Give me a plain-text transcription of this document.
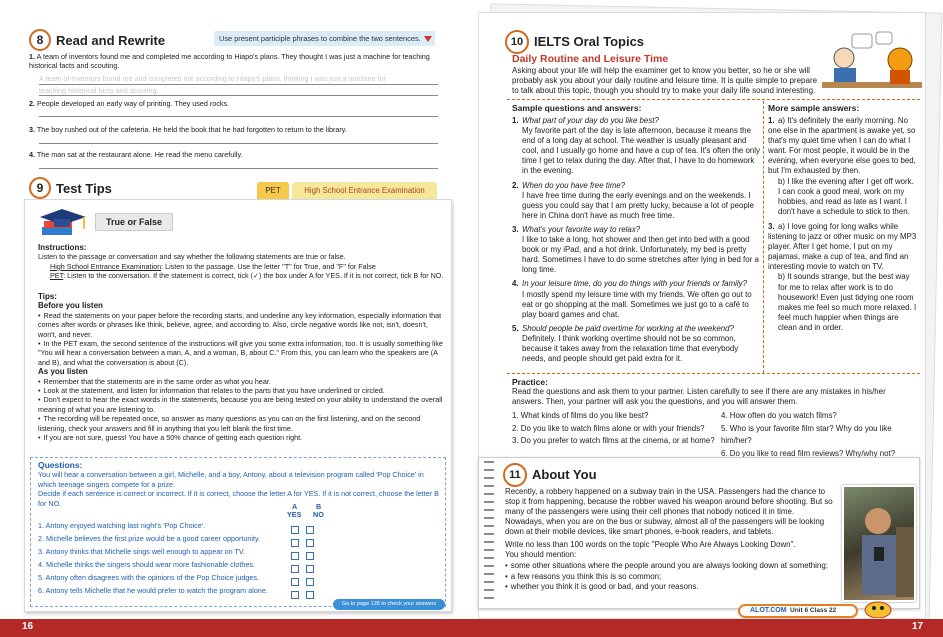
8 Read and Rewrite	Use present participle phrases to combine the two sentences.
1. A team of inventors found me and completed me according to Hiapo's plans. They thought I was just a machine for teaching historical facts and scouting.
A team of inventors found me and completed me according to Hiapo's plans, thinking I was just a machine for
teaching historical facts and scouting.
2. People developed an early way of printing. They used rocks.
3. The boy rushed out of the cafeteria. He held the book that he had forgotten to return to the library.
4. The man sat at the restaurant alone. He read the menu carefully.
9 Test Tips	PET	High School Entrance Examination
True or False
Instructions:
Listen to the passage or conversation and say whether the following statements are true or false.
High School Entrance Examination: Listen to the passage. Use the letter "T" for True, and "F" for False
PET: Listen to the conversation. If the statement is correct, tick (✓) the box under A for YES. If it is not correct, tick B for NO.
Tips:
Before you listen
• Read the statements on your paper before the recording starts, and underline any key information, especially information that comes after words or phrases like think, believe, agree, and according to. Also, circle negative words like not, isn't, doesn't, won't, and never.
• In the PET exam, the second sentence of the instructions will give you some extra information, too. It is usually something like "You will hear a conversation between a man, A, and a woman, B, about C." From this, you can learn who the speakers are (A and B), and what the conversation is about (C).
As you listen
• Remember that the statements are in the same order as what you hear.
• Look at the statement, and listen for information that relates to the parts that you have underlined or circled.
• Don't expect to hear the exact words in the statements, because you are being tested on your ability to understand the overall meaning of what you are listening to.
• The recording will be repeated once, so answer as many questions as you can on the first listening, and on the second listening, check your answers and fill in anything that you left blank the first time.
• If you are not sure, guess! You have a 50% chance of getting each question right.
Questions:
You will hear a conversation between a girl, Michelle, and a boy, Antony, about a television program called 'Pop Choice' in which teenage singers compete for a prize.
Decide if each sentence is correct or incorrect. If it is correct, choose the letter A for YES. If it is not correct, choose the letter B for NO.	A	B
YES NO
1. Antony enjoyed watching last night's 'Pop Choice'.
2. Michelle believes the first prize would be a good career opportunity.
3. Antony thinks that Michelle sings well enough to appear on TV.
4. Michelle thinks the singers should wear more fashionable clothes.
5. Antony often disagrees with the opinions of the Pop Choice judges.
6. Antony tells Michelle that he would prefer to watch the program alone.
Go to page 126 to check your answers
10 IELTS Oral Topics
Daily Routine and Leisure Time
Asking about your life will help the examiner get to know you better, so he or she will probably ask you about your daily routine and leisure time. It is quite simple to prepare to talk about this topic, though you should try to make your daily life sound interesting.
Sample questions and answers:
1. What part of your day do you like best?
My favorite part of the day is late afternoon, because it means the end of a long day at school. The weather is usually pleasant and cool, and I usually go home and have a cup of tea. It's often the only time I get to relax during the day. After that, I have to do homework in the evening.
2. When do you have free time?
I have free time during the early evenings and on the weekends. I guess you could say that I am pretty lucky, because a lot of people here in China don't have as much free time.
3. What's your favorite way to relax?
I like to take a long, hot shower and then get into bed with a good book or my iPad, and a hot drink. Unfortunately, my bed is pretty hard. Sometimes I have to do some stretches after lying in bed for a long time.
4. In your leisure time, do you do things with your friends or family?
I mostly spend my leisure time with my friends. We often go out to eat or go shopping at the mall. Sometimes we just go to a café to play board games and chat.
5. Should people be paid overtime for working at the weekend?
Definitely. I think working overtime should not be so common, because it takes away from the relaxation time that everybody needs, and people should get paid extra for it.
More sample answers:
1. a) It's definitely the early morning. No one else in the apartment is awake yet, so that's my quiet time when I can do what I want. For most people, it would be in the evening, when everyone else goes to bed, but I'm exhausted by then.
b) I like the evening after I get off work. I can cook a good meal, work on my hobbies, and read as late as I want. I don't have a schedule to stick to then.
3. a) I love going for long walks while listening to jazz or other music on my MP3 player. After I get home, I put on my pajamas, make a cup of tea, and find an interesting movie to watch on TV.
b) It sounds strange, but the best way for me to relax after work is to do housework! Even just tidying one room makes me feel so much more relaxed. I feel much happier when things are clean and in order.
Practice:
Read the questions and ask them to your partner. Listen carefully to see if there are any mistakes in his/her answers. Then, your partner will ask you the questions, and you will answer them.
1. What kinds of films do you like best?
2. Do you like to watch films alone or with your friends?
3. Do you prefer to watch films at the cinema, or at home?
4. How often do you watch films?
5. Who is your favorite film star? Why do you like him/her?
6. Do you like to read film reviews? Why/why not?
11 About You
Recently, a robbery happened on a subway train in the USA. Passengers had the chance to stop it from happening, because the robber waved his weapon around before shooting. But so many of the passengers were using their cell phones that nobody noticed it in time. Nowadays, when you are on the bus or subway, almost all of the passengers will be looking down at their mobile devices, like smart phones, e-book readers, and tablets.
Write no less than 100 words on the topic "People Who Are Always Looking Down".
You should mention:
• some other situations where the people around you are always looking down at something;
• a few reasons you think this is so common;
• whether you think it is good or bad, and your reasons.
ALOT.COM Unit 6 Class 22
16	17
